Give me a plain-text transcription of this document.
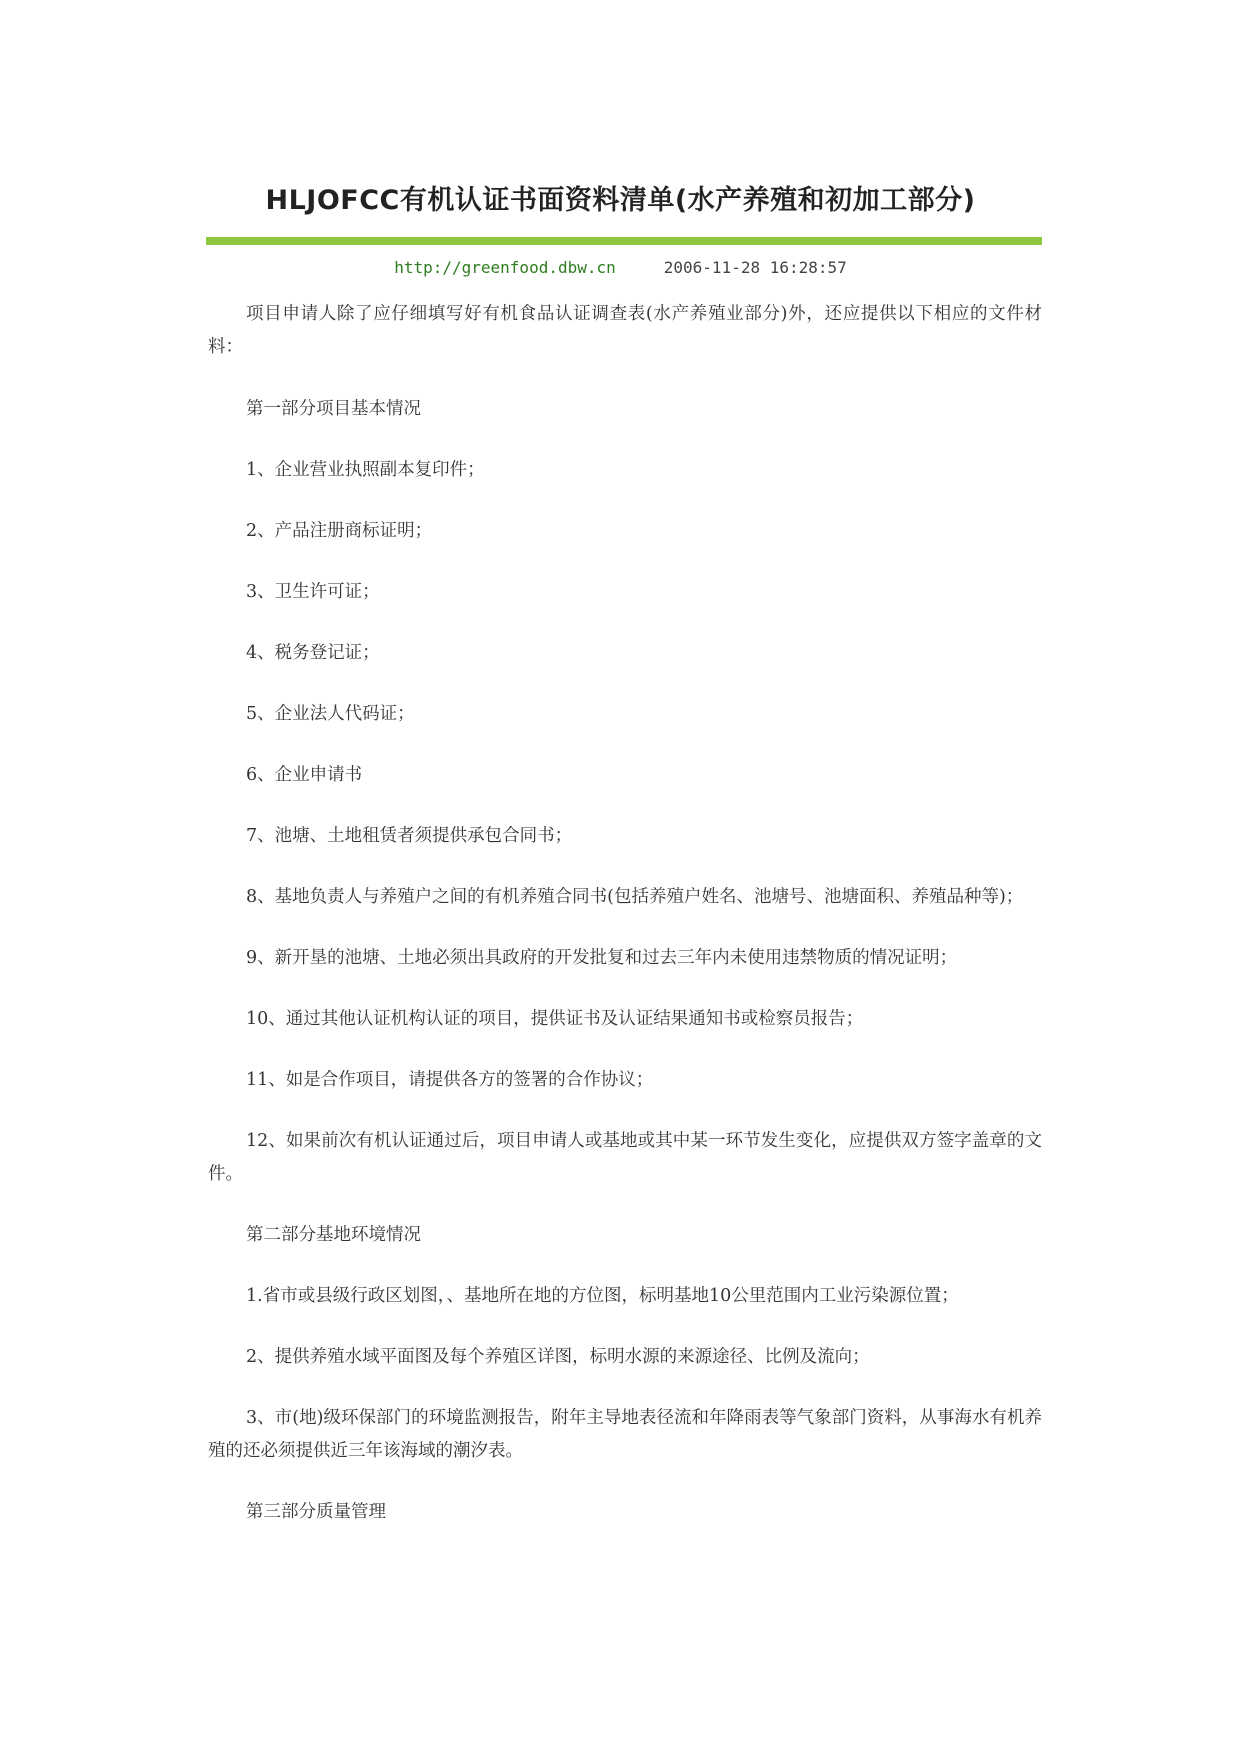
HLJOFCC有机认证书面资料清单(水产养殖和初加工部分)
http://greenfood.dbw.cn	2006-11-28 16:28:57

项目申请人除了应仔细填写好有机食品认证调查表(水产养殖业部分)外，还应提供以下相应的文件材料：

第一部分项目基本情况

1、企业营业执照副本复印件；

2、产品注册商标证明；

3、卫生许可证；

4、税务登记证；

5、企业法人代码证；

6、企业申请书

7、池塘、土地租赁者须提供承包合同书；

8、基地负责人与养殖户之间的有机养殖合同书(包括养殖户姓名、池塘号、池塘面积、养殖品种等)；

9、新开垦的池塘、土地必须出具政府的开发批复和过去三年内未使用违禁物质的情况证明；

10、通过其他认证机构认证的项目，提供证书及认证结果通知书或检察员报告；

11、如是合作项目，请提供各方的签署的合作协议；

12、如果前次有机认证通过后，项目申请人或基地或其中某一环节发生变化，应提供双方签字盖章的文件。

第二部分基地环境情况

1.省市或县级行政区划图，、基地所在地的方位图，标明基地10公里范围内工业污染源位置；

2、提供养殖水域平面图及每个养殖区详图，标明水源的来源途径、比例及流向；

3、市(地)级环保部门的环境监测报告，附年主导地表径流和年降雨表等气象部门资料，从事海水有机养殖的还必须提供近三年该海域的潮汐表。

第三部分质量管理
